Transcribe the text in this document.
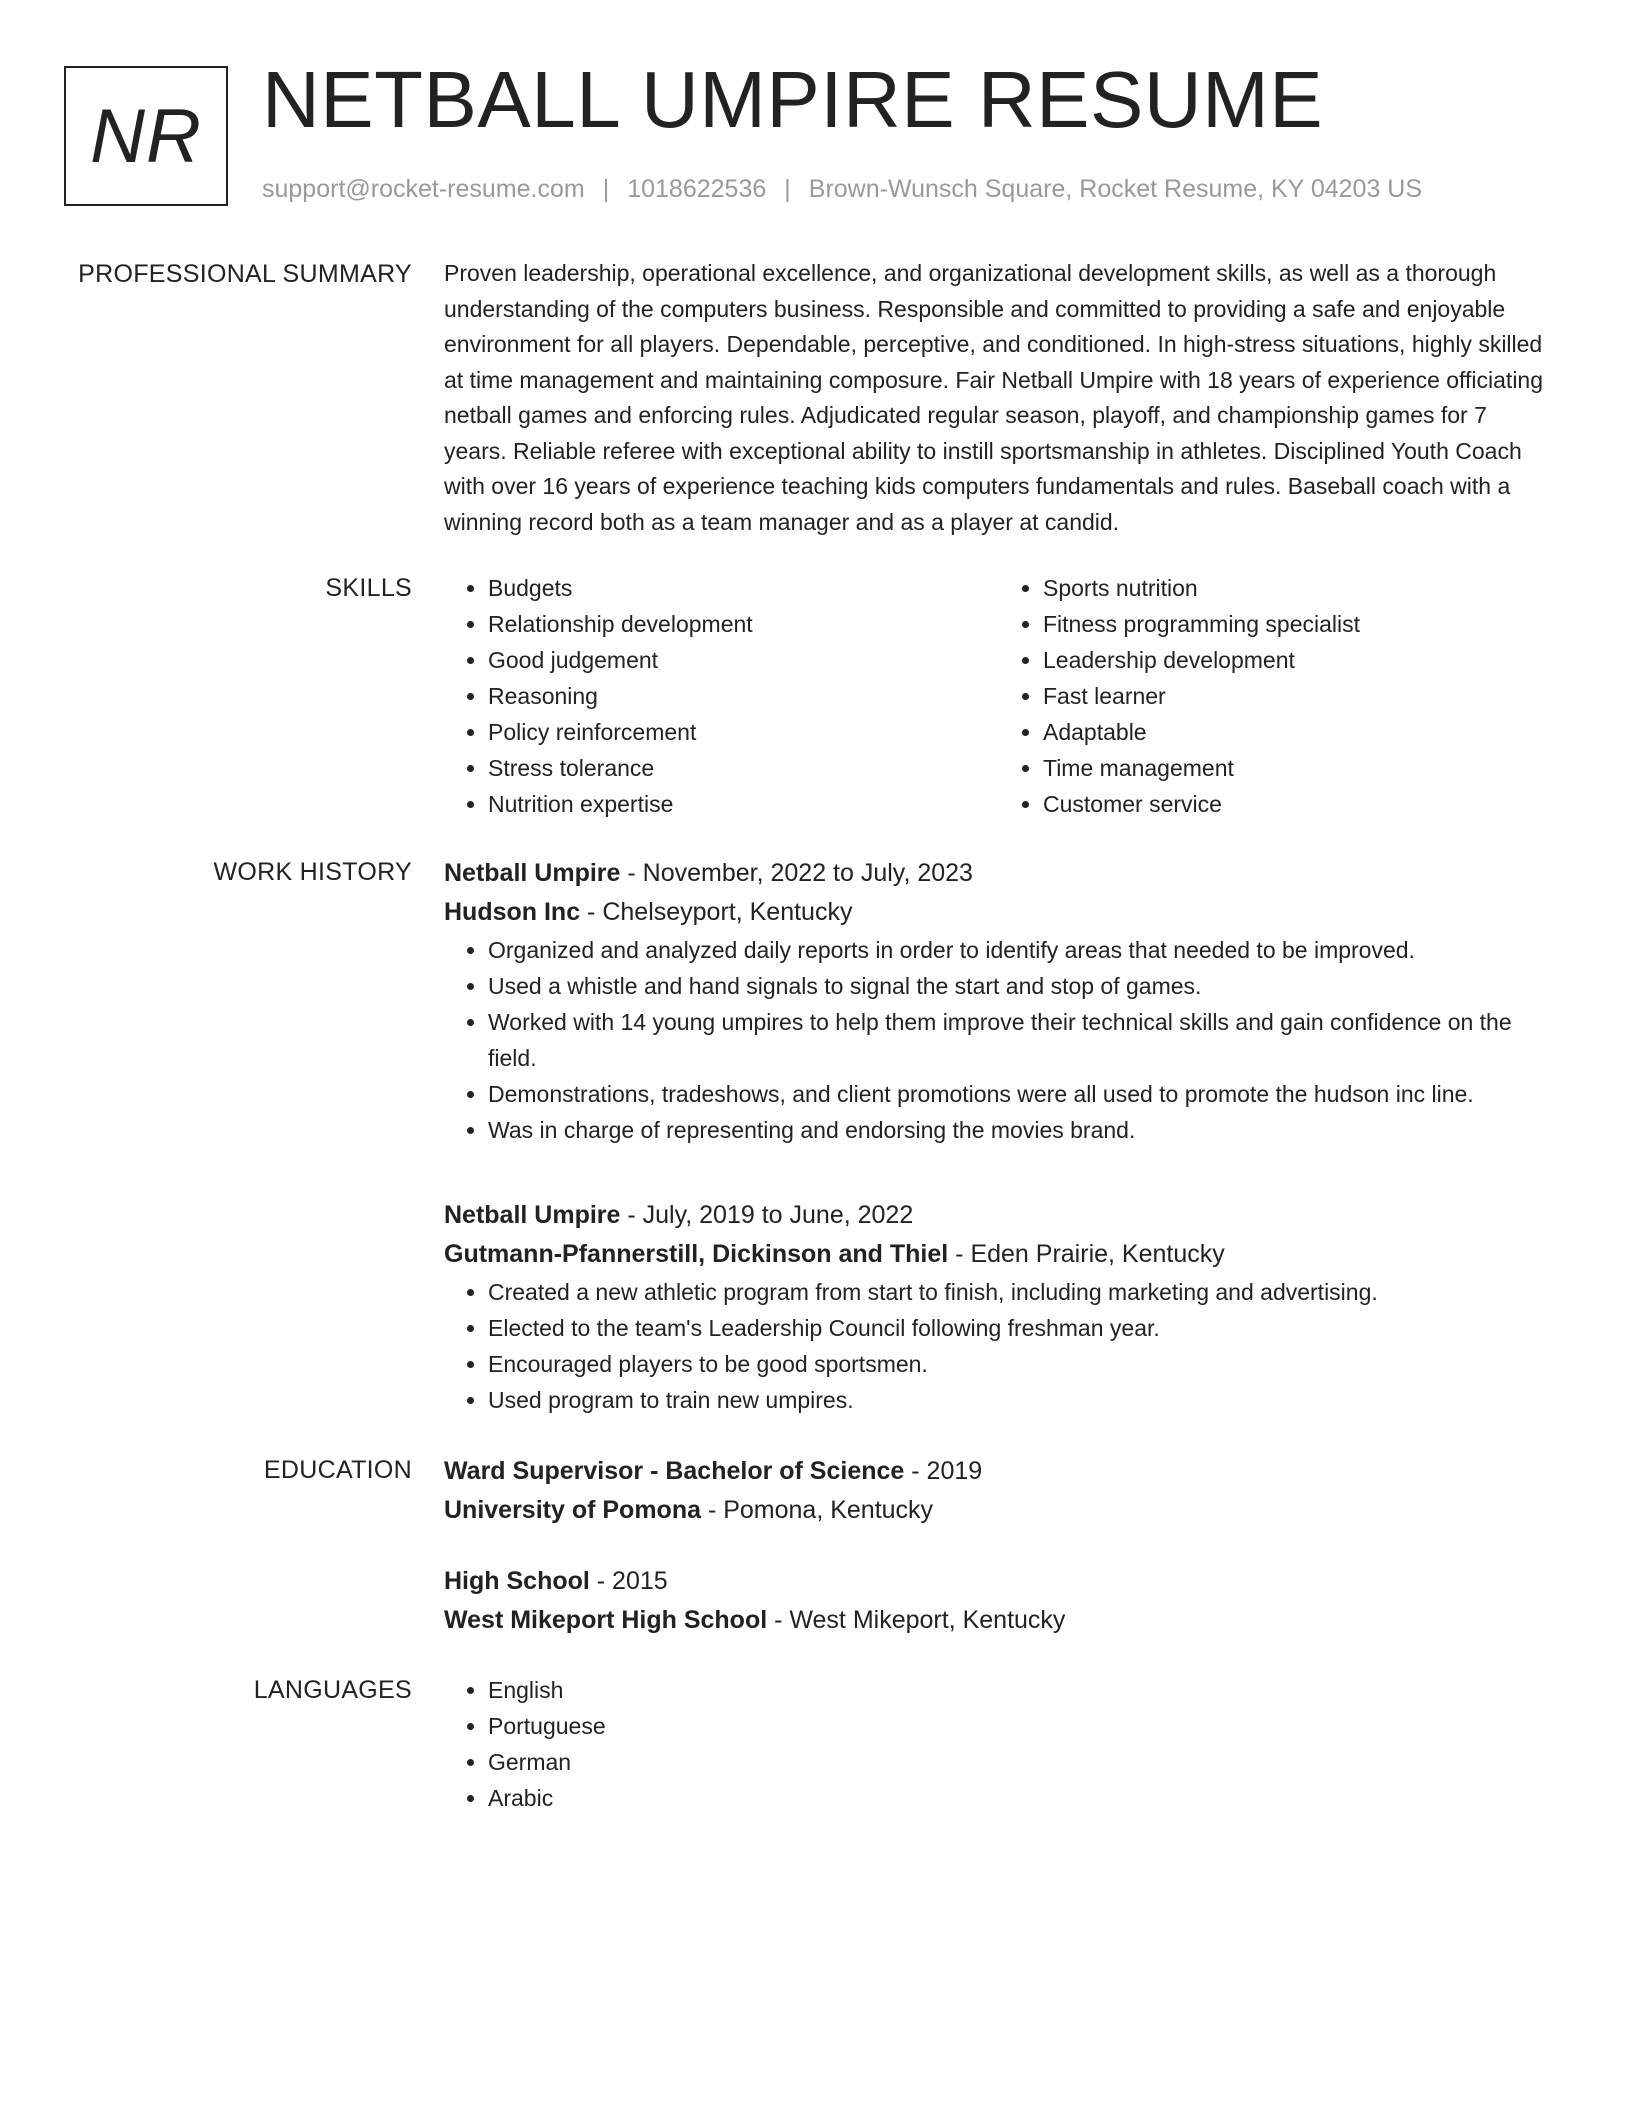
NR NETBALL UMPIRE RESUME
support@rocket-resume.com | 1018622536 | Brown-Wunsch Square, Rocket Resume, KY 04203 US
PROFESSIONAL SUMMARY Proven leadership, operational excellence, and organizational development skills, as well as a thorough understanding of the computers business. Responsible and committed to providing a safe and enjoyable environment for all players. Dependable, perceptive, and conditioned. In high-stress situations, highly skilled at time management and maintaining composure. Fair Netball Umpire with 18 years of experience officiating netball games and enforcing rules. Adjudicated regular season, playoff, and championship games for 7 years. Reliable referee with exceptional ability to instill sportsmanship in athletes. Disciplined Youth Coach with over 16 years of experience teaching kids computers fundamentals and rules. Baseball coach with a winning record both as a team manager and as a player at candid.

SKILLS	• Budgets
• Relationship development
• Good judgement
• Reasoning
• Policy reinforcement
• Stress tolerance
• Nutrition expertise
• Sports nutrition
• Fitness programming specialist
• Leadership development
• Fast learner
• Adaptable
• Time management
• Customer service
WORK HISTORY Netball Umpire - November, 2022 to July, 2023
Hudson Inc - Chelseyport, Kentucky
• Organized and analyzed daily reports in order to identify areas that needed to be improved.
• Used a whistle and hand signals to signal the start and stop of games.
• Worked with 14 young umpires to help them improve their technical skills and gain confidence on the field.
• Demonstrations, tradeshows, and client promotions were all used to promote the hudson inc line.
• Was in charge of representing and endorsing the movies brand.
Netball Umpire - July, 2019 to June, 2022
Gutmann-Pfannerstill, Dickinson and Thiel - Eden Prairie, Kentucky
• Created a new athletic program from start to finish, including marketing and advertising.
• Elected to the team's Leadership Council following freshman year.
• Encouraged players to be good sportsmen.
• Used program to train new umpires.
EDUCATION Ward Supervisor - Bachelor of Science - 2019
University of Pomona - Pomona, Kentucky
High School - 2015
West Mikeport High School - West Mikeport, Kentucky
LANGUAGES	• English
• Portuguese
• German
• Arabic
